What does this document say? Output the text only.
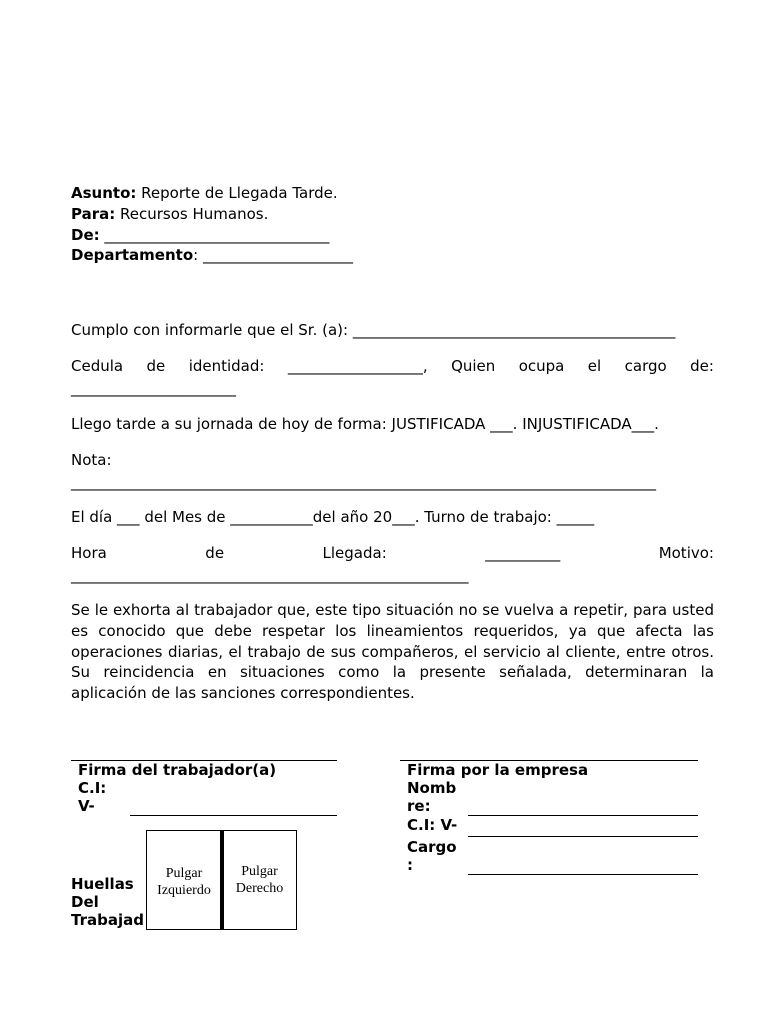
Asunto: Reporte de Llegada Tarde.
Para: Recursos Humanos.
De: ______________________________
Departamento: ____________________
Cumplo con informarle que el Sr. (a): ___________________________________________
Cedula de identidad: __________________, Quien ocupa el cargo de:
______________________
Llego tarde a su jornada de hoy de forma: JUSTIFICADA ___. INJUSTIFICADA___.
Nota:
______________________________________________________________________________
El día ___ del Mes de ___________del año 20___. Turno de trabajo: _____
Hora	de	Llegada:	__________	Motivo:
_____________________________________________________
Se le exhorta al trabajador que, este tipo situación no se vuelva a repetir, para usted es conocido que debe respetar los lineamientos requeridos, ya que afecta las operaciones diarias, el trabajo de sus compañeros, el servicio al cliente, entre otros. Su reincidencia en situaciones como la presente señalada, determinaran la aplicación de las sanciones correspondientes.
Firma del trabajador(a)
C.I:
V-
Firma por la empresa
Nomb
re:
C.I: V-
Cargo
:
Huellas
Del
Trabajad
Pulgar
Izquierdo
Pulgar
Derecho
